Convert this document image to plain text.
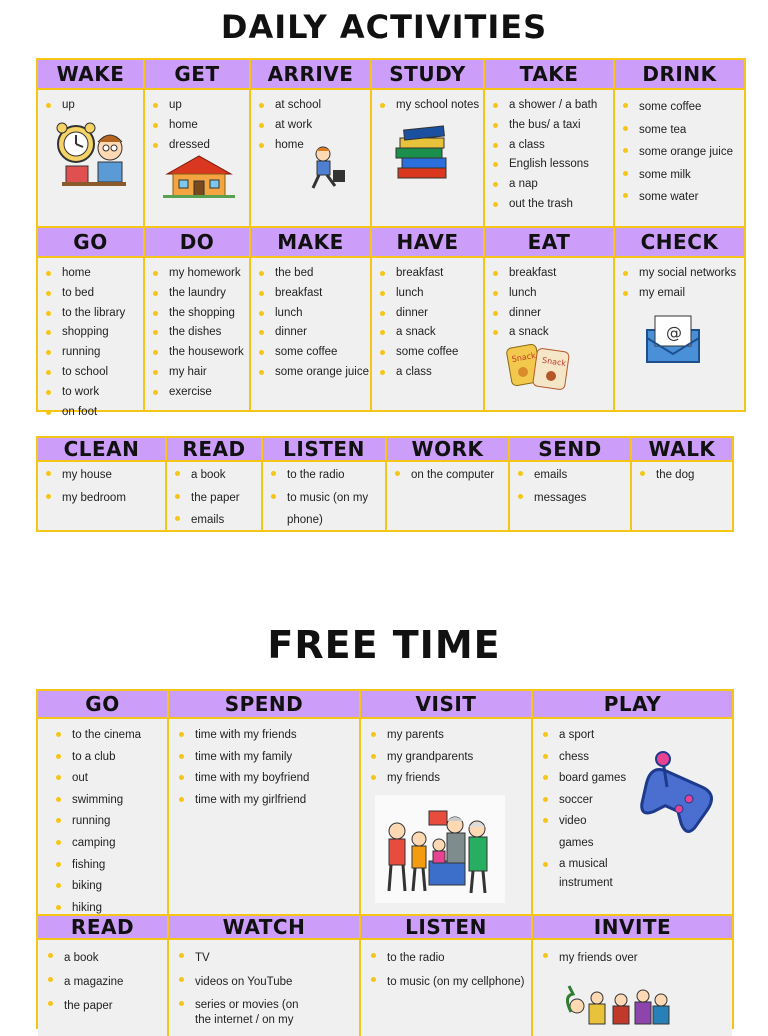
DAILY ACTIVITIES
WAKE
up
GET
up
home
dressed
ARRIVE
at school
at work
home
STUDY
my school notes
TAKE
a shower / a bath
the bus/ a taxi
a class
English lessons
a nap
out the trash
DRINK
some coffee
some tea
some orange juice
some milk
some water
GO
home
to bed
to the library
shopping
running
to school
to work
on foot
DO
my homework
the laundry
the shopping
the dishes
the housework
my hair
exercise
MAKE
the bed
breakfast
lunch
dinner
some coffee
some orange juice
HAVE
breakfast
lunch
dinner
a snack
some coffee
a class
EAT
breakfast
lunch
dinner
a snack
Snack Snack
CHECK
my social networks
my email
@
CLEAN
my house
my bedroom
READ
a book
the paper
emails
LISTEN
to the radio
to music (on my phone)
WORK
on the computer
SEND
emails
messages
WALK
the dog
FREE TIME
GO
to the cinema
to a club
out
swimming
running
camping
fishing
biking
hiking
SPEND
time with my friends
time with my family
time with my boyfriend
time with my girlfriend
VISIT
my parents
my grandparents
my friends
PLAY
a sport
chess
board games
soccer
video games
a musical instrument
READ
a book
a magazine
the paper
WATCH
TV
videos on YouTube
series or movies (on the internet / on my
LISTEN
to the radio
to music (on my cellphone)
INVITE
my friends over
